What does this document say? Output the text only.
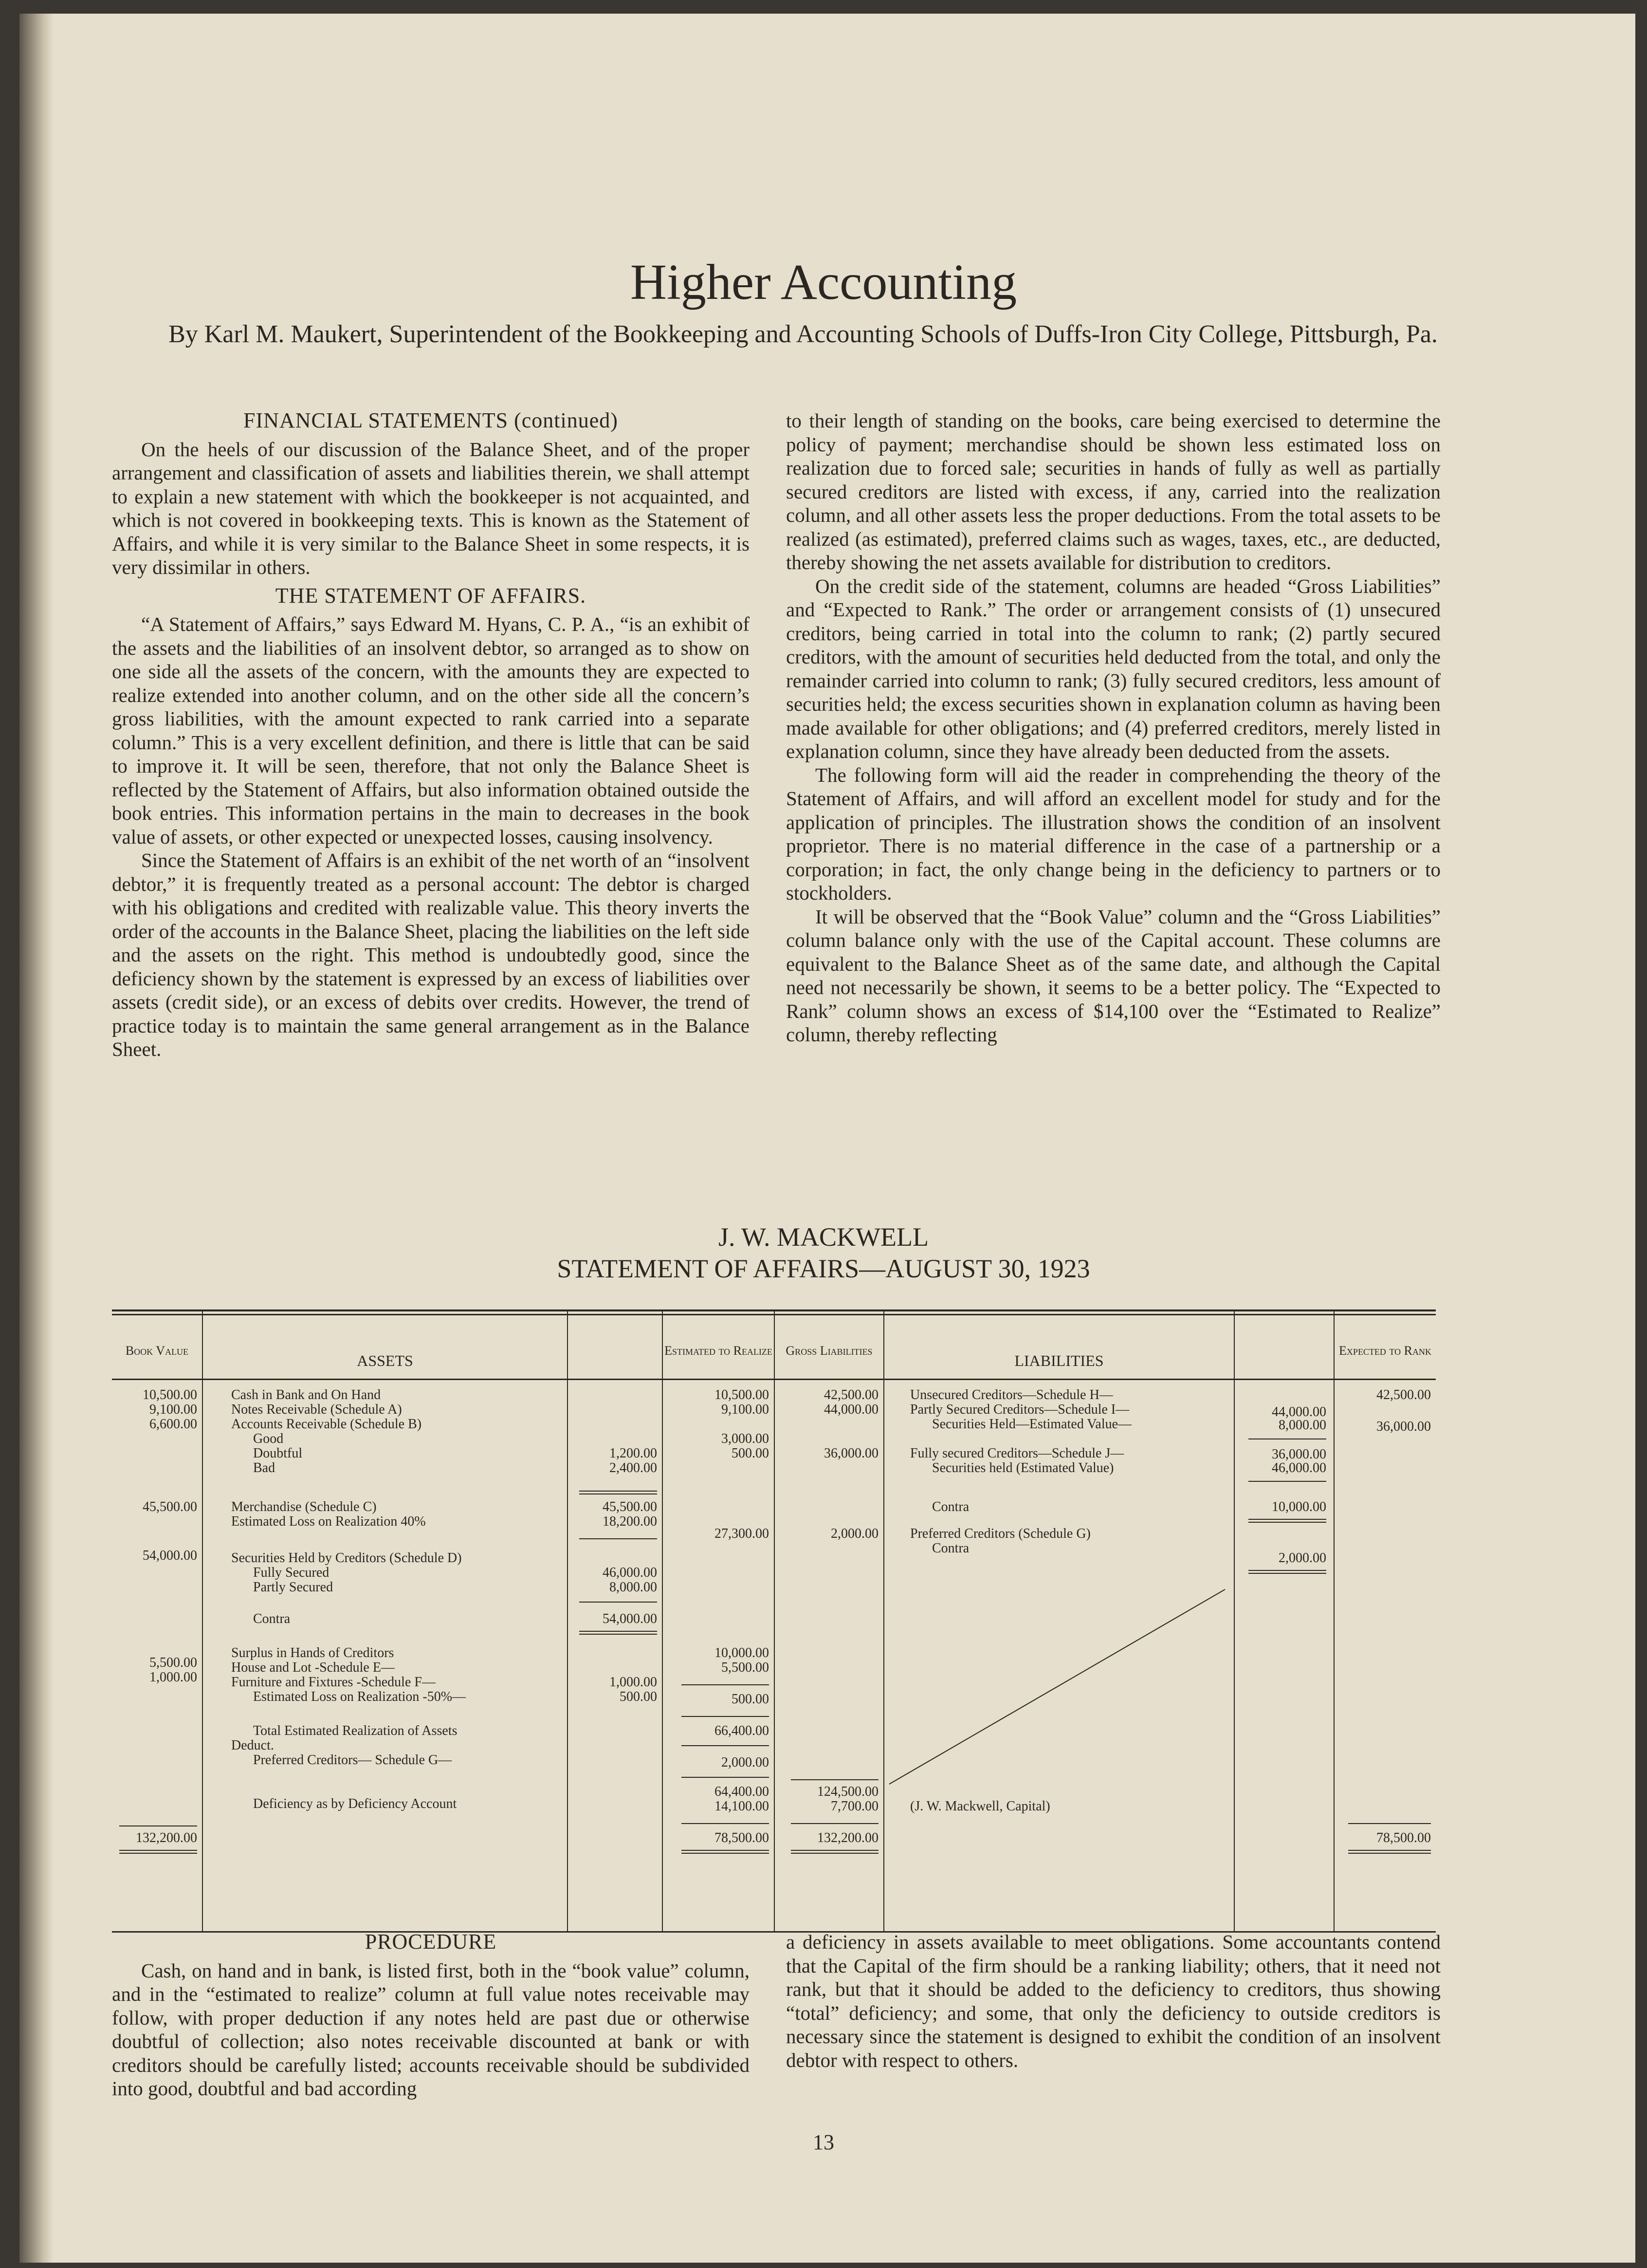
Higher Accounting
By Karl M. Maukert, Superintendent of the Bookkeeping and Accounting Schools of Duffs-Iron City College, Pittsburgh, Pa.
FINANCIAL STATEMENTS (continued)

On the heels of our discussion of the Balance Sheet, and of the proper arrangement and classification of assets and liabilities therein, we shall attempt to explain a new statement with which the bookkeeper is not acquainted, and which is not covered in bookkeeping texts. This is known as the Statement of Affairs, and while it is very similar to the Balance Sheet in some respects, it is very dissimilar in others.

THE STATEMENT OF AFFAIRS.

“A Statement of Affairs,” says Edward M. Hyans, C. P. A., “is an exhibit of the assets and the liabilities of an insolvent debtor, so arranged as to show on one side all the assets of the concern, with the amounts they are expected to realize extended into another column, and on the other side all the concern’s gross liabilities, with the amount expected to rank carried into a separate column.” This is a very excellent definition, and there is little that can be said to improve it. It will be seen, therefore, that not only the Balance Sheet is reflected by the Statement of Affairs, but also information obtained outside the book entries. This information pertains in the main to decreases in the book value of assets, or other expected or unexpected losses, causing insolvency.

Since the Statement of Affairs is an exhibit of the net worth of an “insolvent debtor,” it is frequently treated as a personal account: The debtor is charged with his obligations and credited with realizable value. This theory inverts the order of the accounts in the Balance Sheet, placing the liabilities on the left side and the assets on the right. This method is undoubtedly good, since the deficiency shown by the statement is expressed by an excess of liabilities over assets (credit side), or an excess of debits over credits. However, the trend of practice today is to maintain the same general arrangement as in the Balance Sheet.

to their length of standing on the books, care being exercised to determine the policy of payment; merchandise should be shown less estimated loss on realization due to forced sale; securities in hands of fully as well as partially secured creditors are listed with excess, if any, carried into the realization column, and all other assets less the proper deductions. From the total assets to be realized (as estimated), preferred claims such as wages, taxes, etc., are deducted, thereby showing the net assets available for distribution to creditors.

On the credit side of the statement, columns are headed “Gross Liabilities” and “Expected to Rank.” The order or arrangement consists of (1) unsecured creditors, being carried in total into the column to rank; (2) partly secured creditors, with the amount of securities held deducted from the total, and only the remainder carried into column to rank; (3) fully secured creditors, less amount of securities held; the excess securities shown in explanation column as having been made available for other obligations; and (4) preferred creditors, merely listed in explanation column, since they have already been deducted from the assets.

The following form will aid the reader in comprehending the theory of the Statement of Affairs, and will afford an excellent model for study and for the application of principles. The illustration shows the condition of an insolvent proprietor. There is no material difference in the case of a partnership or a corporation; in fact, the only change being in the deficiency to partners or to stockholders.

It will be observed that the “Book Value” column and the “Gross Liabilities” column balance only with the use of the Capital account. These columns are equivalent to the Balance Sheet as of the same date, and although the Capital need not necessarily be shown, it seems to be a better policy. The “Expected to Rank” column shows an excess of $14,100 over the “Estimated to Realize” column, thereby reflecting

J. W. MACKWELL
STATEMENT OF AFFAIRS—AUGUST 30, 1923
Book Value
ASSETS
Estimated to Realize	Gross Liabilities
LIABILITIES
Expected to Rank
10,500.00
9,100.00
6,600.00
45,500.00
54,000.00
5,500.00
1,000.00
132,200.00
Cash in Bank and On Hand
Notes Receivable (Schedule A)
Accounts Receivable (Schedule B)
Good
Doubtful
Bad
Merchandise (Schedule C)
Estimated Loss on Realization 40%
Securities Held by Creditors (Schedule D)
Fully Secured
Partly Secured
Contra
Surplus in Hands of Creditors
House and Lot -Schedule E—
Furniture and Fixtures -Schedule F—
Estimated Loss on Realization -50%—
Total Estimated Realization of Assets
Deduct.
Preferred Creditors— Schedule G—
Deficiency as by Deficiency Account
1,200.00
2,400.00
45,500.00
18,200.00
46,000.00
8,000.00
54,000.00
1,000.00
500.00
10,500.00
9,100.00
3,000.00
500.00
27,300.00
10,000.00
5,500.00
500.00
66,400.00
2,000.00
64,400.00
14,100.00
78,500.00
42,500.00
44,000.00
36,000.00
2,000.00
124,500.00
7,700.00
132,200.00
Unsecured Creditors—Schedule H—
Partly Secured Creditors—Schedule I—
Securities Held—Estimated Value—
Fully secured Creditors—Schedule J—
Securities held (Estimated Value)
Contra
Preferred Creditors (Schedule G)
Contra
(J. W. Mackwell, Capital)
44,000.00
8,000.00
36,000.00
46,000.00
10,000.00
2,000.00
42,500.00
36,000.00
78,500.00
PROCEDURE

Cash, on hand and in bank, is listed first, both in the “book value” column, and in the “estimated to realize” column at full value notes receivable may follow, with proper deduction if any notes held are past due or otherwise doubtful of collection; also notes receivable discounted at bank or with creditors should be carefully listed; accounts receivable should be subdivided into good, doubtful and bad according

a deficiency in assets available to meet obligations. Some accountants contend that the Capital of the firm should be a ranking liability; others, that it need not rank, but that it should be added to the deficiency to creditors, thus showing “total” deficiency; and some, that only the deficiency to outside creditors is necessary since the statement is designed to exhibit the condition of an insolvent debtor with respect to others.

13
